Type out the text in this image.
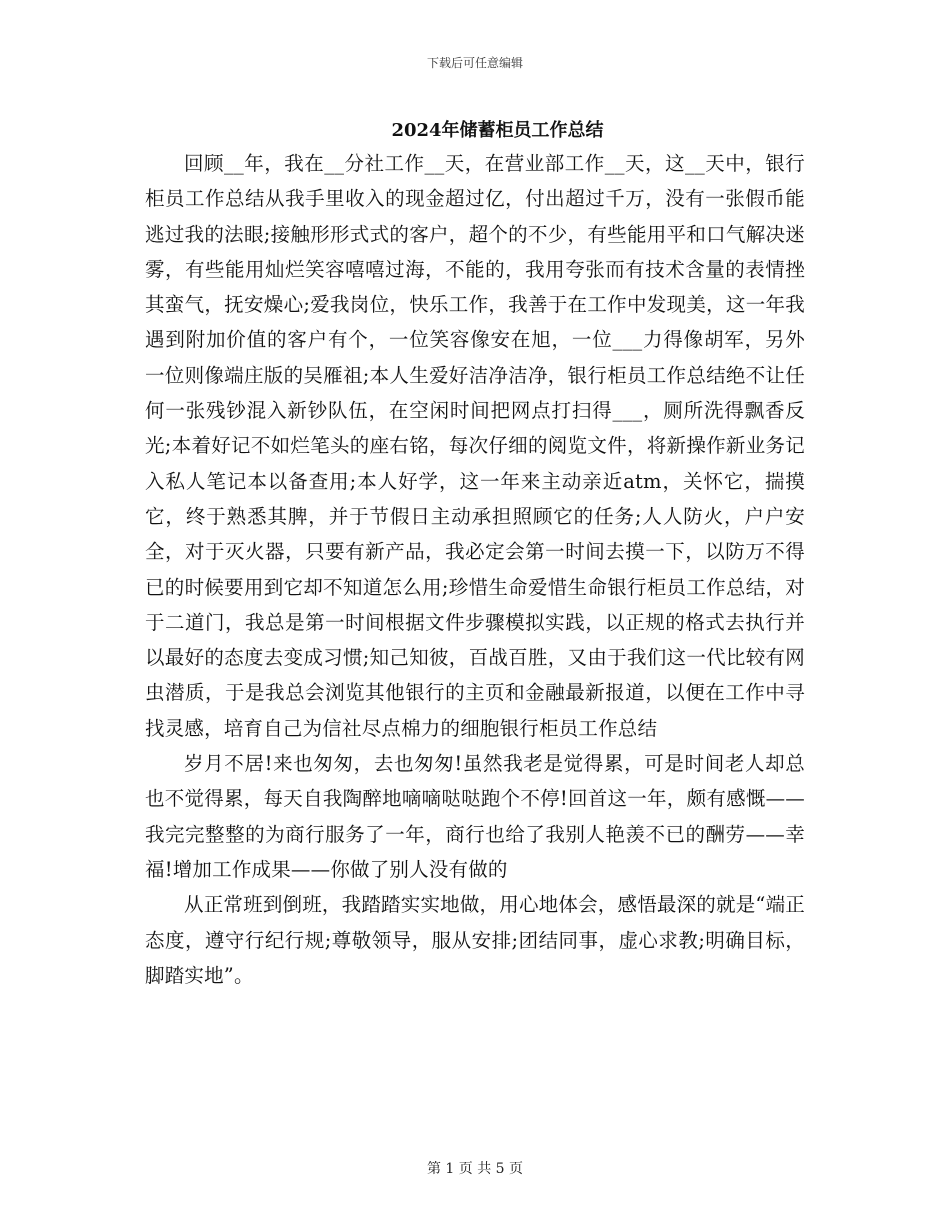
下载后可任意编辑
2024年储蓄柜员工作总结

回顾__年，我在__分社工作__天，在营业部工作__天，这__天中，银行柜员工作总结从我手里收入的现金超过亿，付出超过千万，没有一张假币能逃过我的法眼;接触形形式式的客户，超个的不少，有些能用平和口气解决迷雾，有些能用灿烂笑容嘻嘻过海，不能的，我用夸张而有技术含量的表情挫其蛮气，抚安燥心;爱我岗位，快乐工作，我善于在工作中发现美，这一年我遇到附加价值的客户有个，一位笑容像安在旭，一位___力得像胡军，另外一位则像端庄版的吴雁祖;本人生爱好洁净洁净，银行柜员工作总结绝不让任何一张残钞混入新钞队伍，在空闲时间把网点打扫得___，厕所洗得飘香反光;本着好记不如烂笔头的座右铭，每次仔细的阅览文件，将新操作新业务记入私人笔记本以备查用;本人好学，这一年来主动亲近atm，关怀它，揣摸它，终于熟悉其脾，并于节假日主动承担照顾它的任务;人人防火，户户安全，对于灭火器，只要有新产品，我必定会第一时间去摸一下，以防万不得已的时候要用到它却不知道怎么用;珍惜生命爱惜生命银行柜员工作总结，对于二道门，我总是第一时间根据文件步骤模拟实践，以正规的格式去执行并以最好的态度去变成习惯;知己知彼，百战百胜，又由于我们这一代比较有网虫潜质，于是我总会浏览其他银行的主页和金融最新报道，以便在工作中寻找灵感，培育自己为信社尽点棉力的细胞银行柜员工作总结

岁月不居!来也匆匆，去也匆匆!虽然我老是觉得累，可是时间老人却总也不觉得累，每天自我陶醉地嘀嘀哒哒跑个不停!回首这一年，颇有感慨——我完完整整的为商行服务了一年，商行也给了我别人艳羡不已的酬劳——幸福!增加工作成果——你做了别人没有做的

从正常班到倒班，我踏踏实实地做，用心地体会，感悟最深的就是“端正态度，遵守行纪行规;尊敬领导，服从安排;团结同事，虚心求教;明确目标，脚踏实地”。

第 1 页 共 5 页
